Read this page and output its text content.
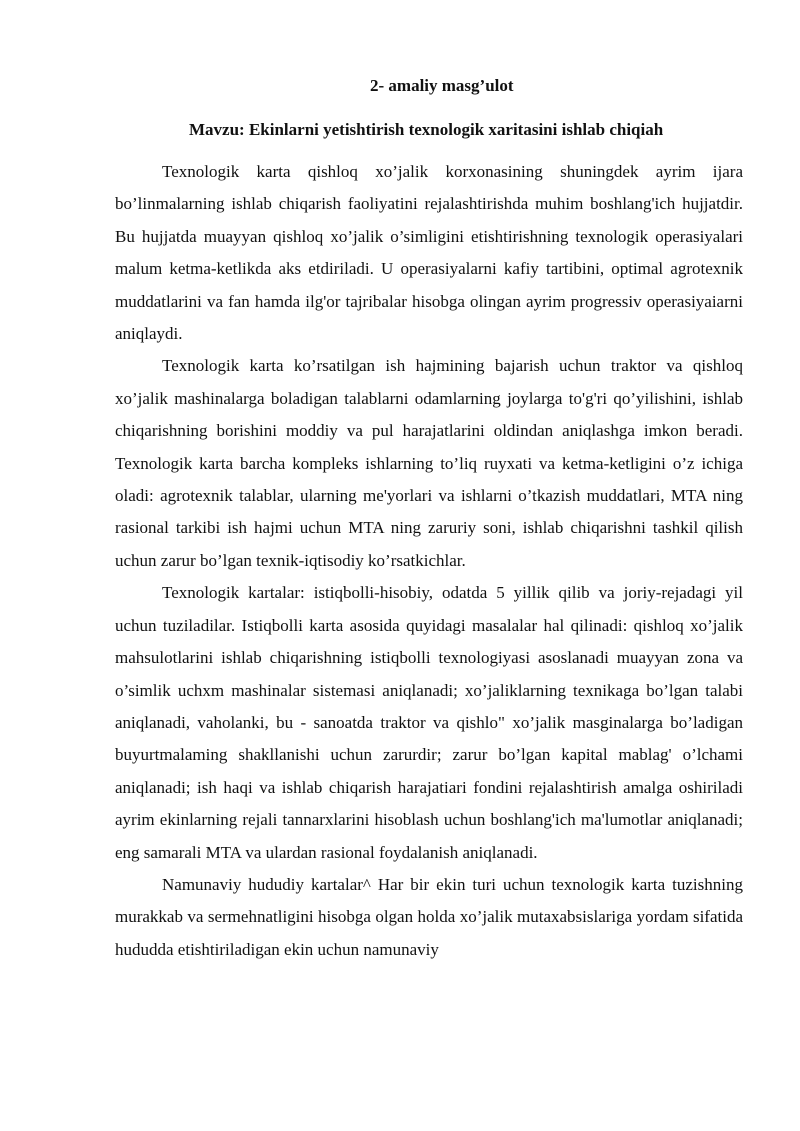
2- amaliy masg’ulot

Mavzu: Ekinlarni yetishtirish texnologik xaritasini ishlab chiqiah

Texnologik karta qishloq xo’jalik korxonasining shuningdek ayrim ijara bo’linmalarning ishlab chiqarish faoliyatini rejalashtirishda muhim boshlang'ich hujjatdir. Bu hujjatda muayyan qishloq xo’jalik o’simligini etishtirishning texnologik operasiyalari malum ketma-ketlikda aks etdiriladi. U operasiyalarni kafiy tartibini, optimal agrotexnik muddatlarini va fan hamda ilg'or tajribalar hisobga olingan ayrim progressiv operasiyaiarni aniqlaydi.

Texnologik karta ko’rsatilgan ish hajmining bajarish uchun traktor va qishloq xo’jalik mashinalarga boladigan talablarni odamlarning joylarga to'g'ri qo’yilishini, ishlab chiqarishning borishini moddiy va pul harajatlarini oldindan aniqlashga imkon beradi. Texnologik karta barcha kompleks ishlarning to’liq ruyxati va ketma-ketligini o’z ichiga oladi: agrotexnik talablar, ularning me'yorlari va ishlarni o’tkazish muddatlari, MTA ning rasional tarkibi ish hajmi uchun MTA ning zaruriy soni, ishlab chiqarishni tashkil qilish uchun zarur bo’lgan texnik-iqtisodiy ko’rsatkichlar.

Texnologik kartalar: istiqbolli-hisobiy, odatda 5 yillik qilib va joriy-rejadagi yil uchun tuziladilar. Istiqbolli karta asosida quyidagi masalalar hal qilinadi: qishloq xo’jalik mahsulotlarini ishlab chiqarishning istiqbolli texnologiyasi asoslanadi muayyan zona va o’simlik uchxm mashinalar sistemasi aniqlanadi; xo’jaliklarning texnikaga bo’lgan talabi aniqlanadi, vaholanki, bu - sanoatda traktor va qishlo" xo’jalik masginalarga bo’ladigan buyurtmalaming shakllanishi uchun zarurdir; zarur bo’lgan kapital mablag' o’lchami aniqlanadi; ish haqi va ishlab chiqarish harajatiari fondini rejalashtirish amalga oshiriladi ayrim ekinlarning rejali tannarxlarini hisoblash uchun boshlang'ich ma'lumotlar aniqlanadi; eng samarali MTA va ulardan rasional foydalanish aniqlanadi.

Namunaviy hududiy kartalar^ Har bir ekin turi uchun texnologik karta tuzishning murakkab va sermehnatligini hisobga olgan holda xo’jalik mutaxabsislariga yordam sifatida hududda etishtiriladigan ekin uchun namunaviy
